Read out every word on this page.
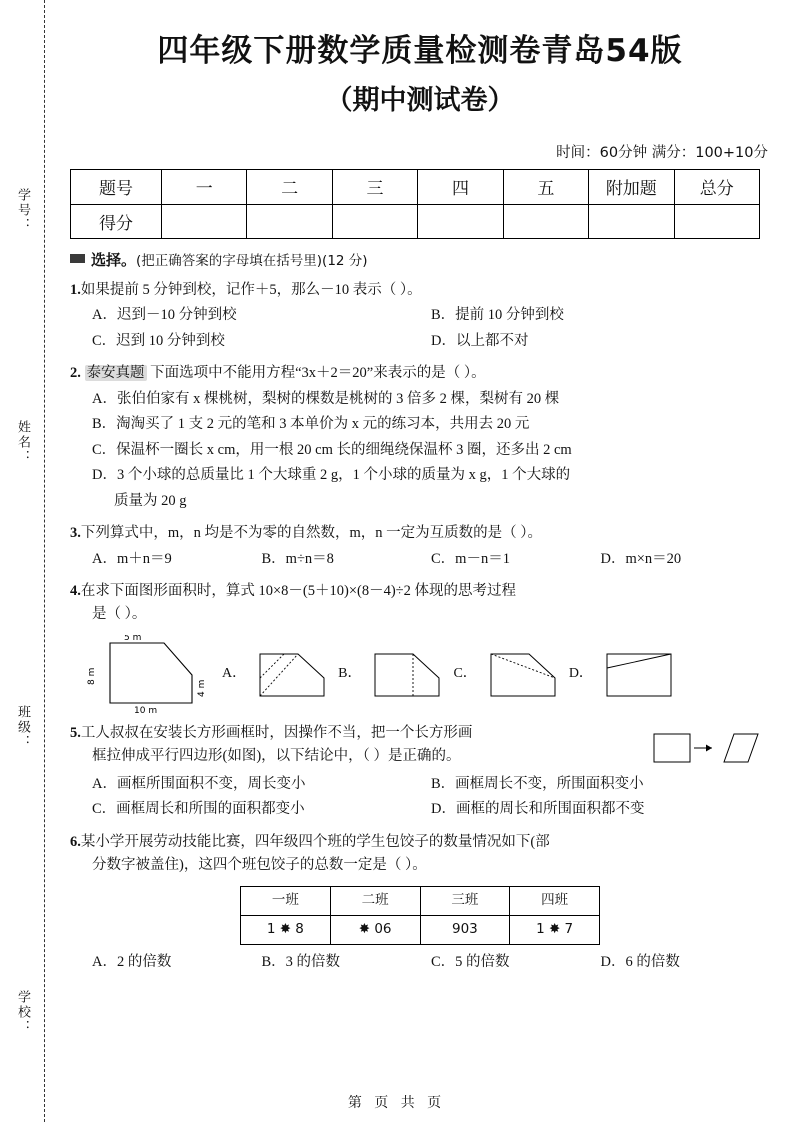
学号：
姓名：
班级：
学校：
四年级下册数学质量检测卷青岛54版
（期中测试卷）
时间：60分钟 满分：100+10分
题号	一	二	三	四	五	附加题	总分
得分							
选择。 (把正确答案的字母填在括号里)(12 分)
1.如果提前 5 分钟到校，记作＋5，那么－10 表示（ ）。
A．迟到－10 分钟到校	B．提前 10 分钟到校
C．迟到 10 分钟到校	D．以上都不对
2. 泰安真题 下面选项中不能用方程“3x＋2＝20”来表示的是（ ）。
A．张伯伯家有 x 棵桃树，梨树的棵数是桃树的 3 倍多 2 棵，梨树有 20 棵
B．淘淘买了 1 支 2 元的笔和 3 本单价为 x 元的练习本，共用去 20 元
C．保温杯一圈长 x cm，用一根 20 cm 长的细绳绕保温杯 3 圈，还多出 2 cm
D．3 个小球的总质量比 1 个大球重 2 g，1 个小球的质量为 x g，1 个大球的
质量为 20 g
3.下列算式中，m，n 均是不为零的自然数，m，n 一定为互质数的是（ ）。
A．m＋n＝9	B．m÷n＝8	C．m－n＝1	D．m×n＝20
4.在求下面图形面积时，算式 10×8－(5＋10)×(8－4)÷2 体现的思考过程
是（ ）。
8 m
5 m
4 m
10 m
A．	B．	C．	D．
5.工人叔叔在安装长方形画框时，因操作不当，把一个长方形画
框拉伸成平行四边形(如图)，以下结论中，（ ）是正确的。
A．画框所围面积不变，周长变小	B．画框周长不变，所围面积变小
C．画框周长和所围的面积都变小	D．画框的周长和所围面积都不变
6.某小学开展劳动技能比赛，四年级四个班的学生包饺子的数量情况如下(部
分数字被盖住)，这四个班包饺子的总数一定是（ ）。
一班	二班	三班	四班
1 ✸ 8	✸ 06	903	1 ✸ 7
A．2 的倍数	B．3 的倍数	C．5 的倍数	D．6 的倍数
第 页 共 页
